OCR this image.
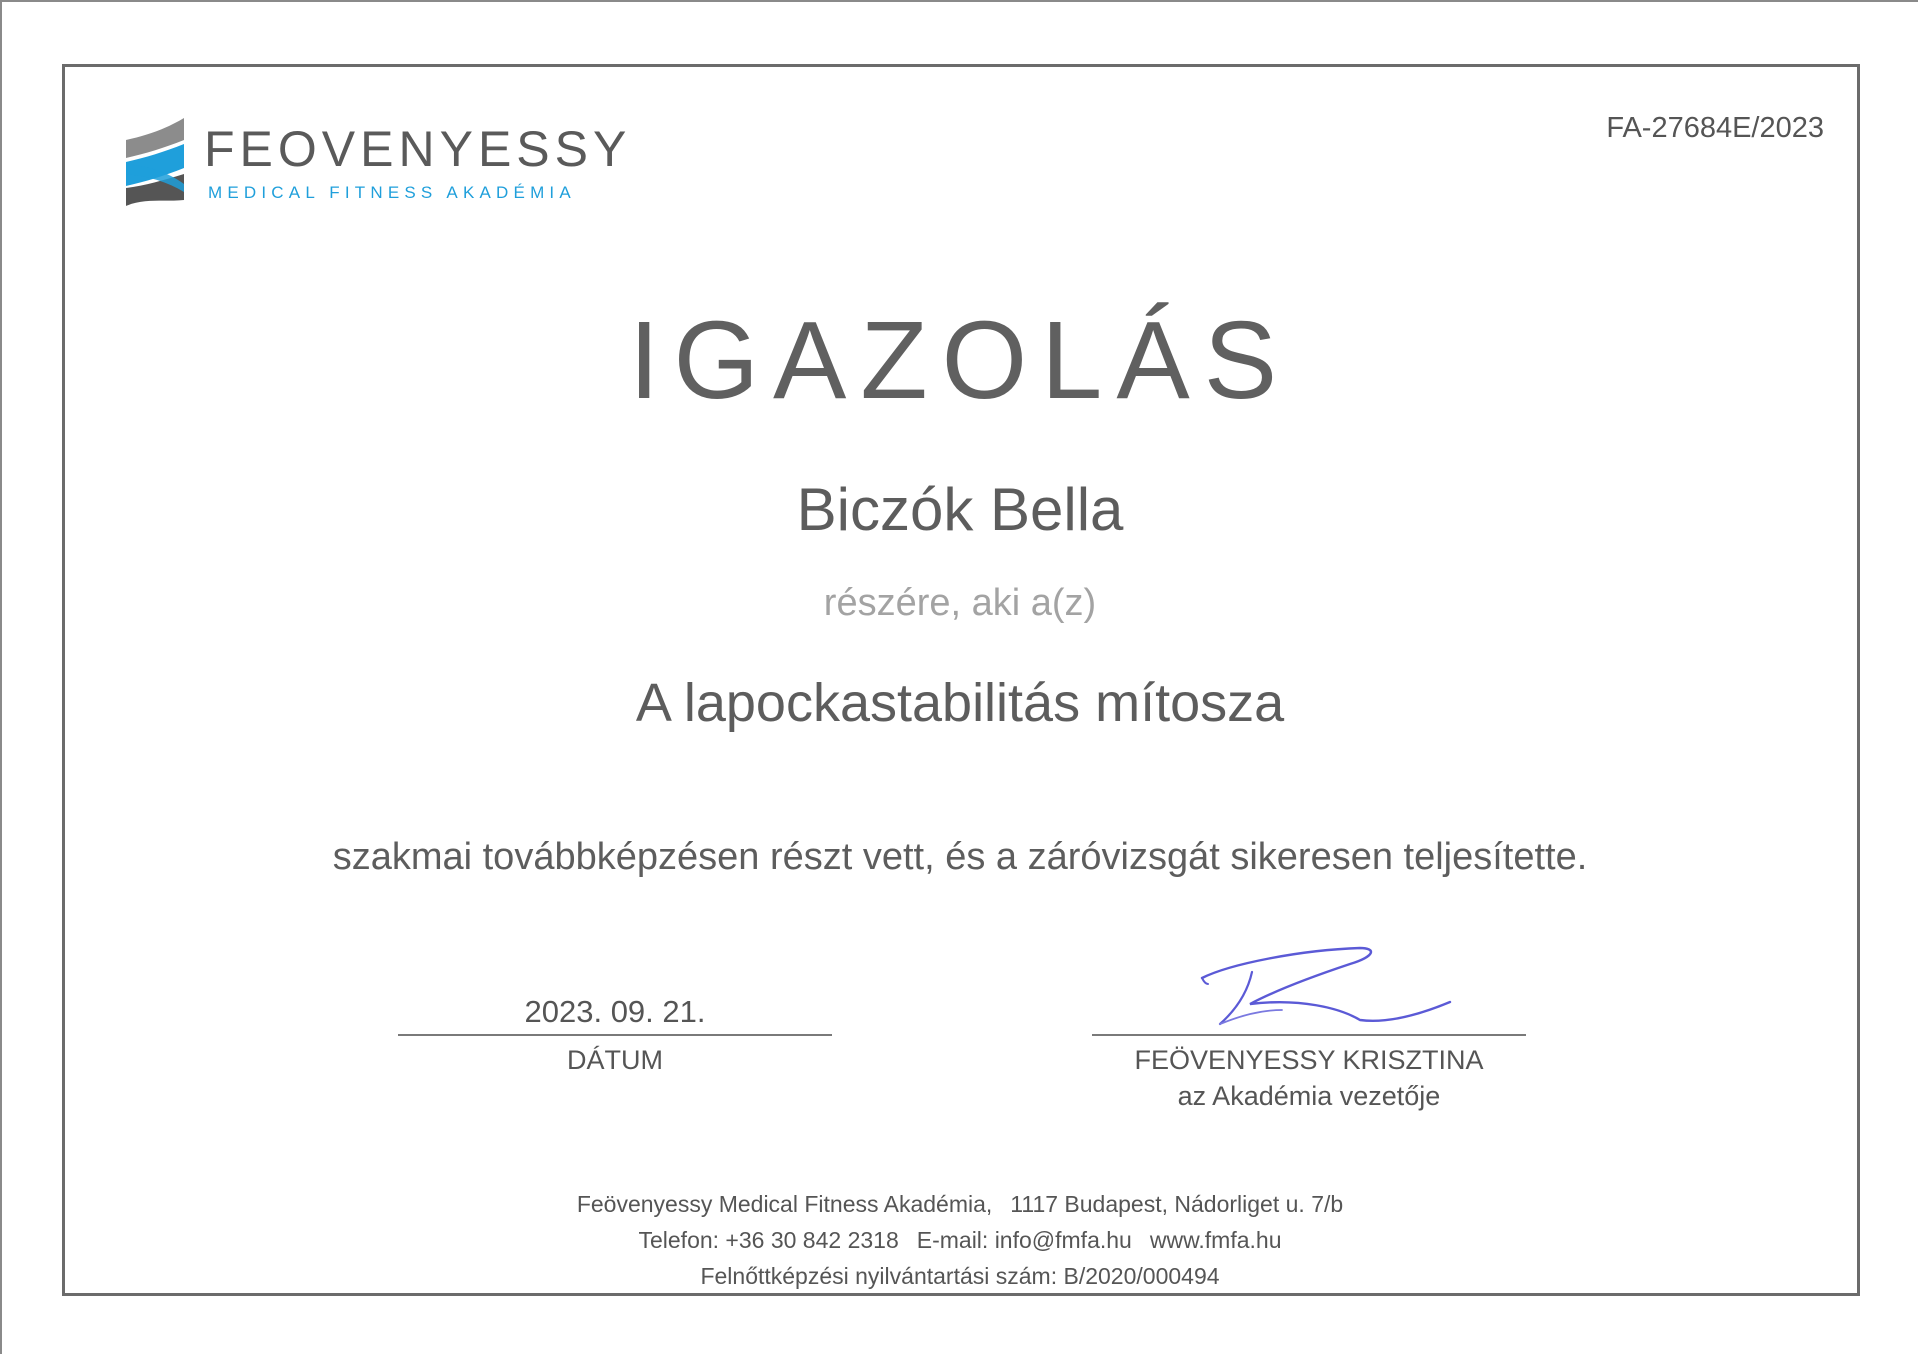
FEOVENYESSY
MEDICAL FITNESS AKADÉMIA
FA-27684E/2023
IGAZOLÁS
Biczók Bella
részére, aki a(z)
A lapockastabilitás mítosza
szakmai továbbképzésen részt vett, és a záróvizsgát sikeresen teljesítette.
2023. 09. 21.
DÁTUM	FEÖVENYESSY KRISZTINA
az Akadémia vezetője
Feövenyessy Medical Fitness Akadémia, 1117 Budapest, Nádorliget u. 7/b
Telefon: +36 30 842 2318 E-mail: info@fmfa.hu www.fmfa.hu
Felnőttképzési nyilvántartási szám: B/2020/000494
